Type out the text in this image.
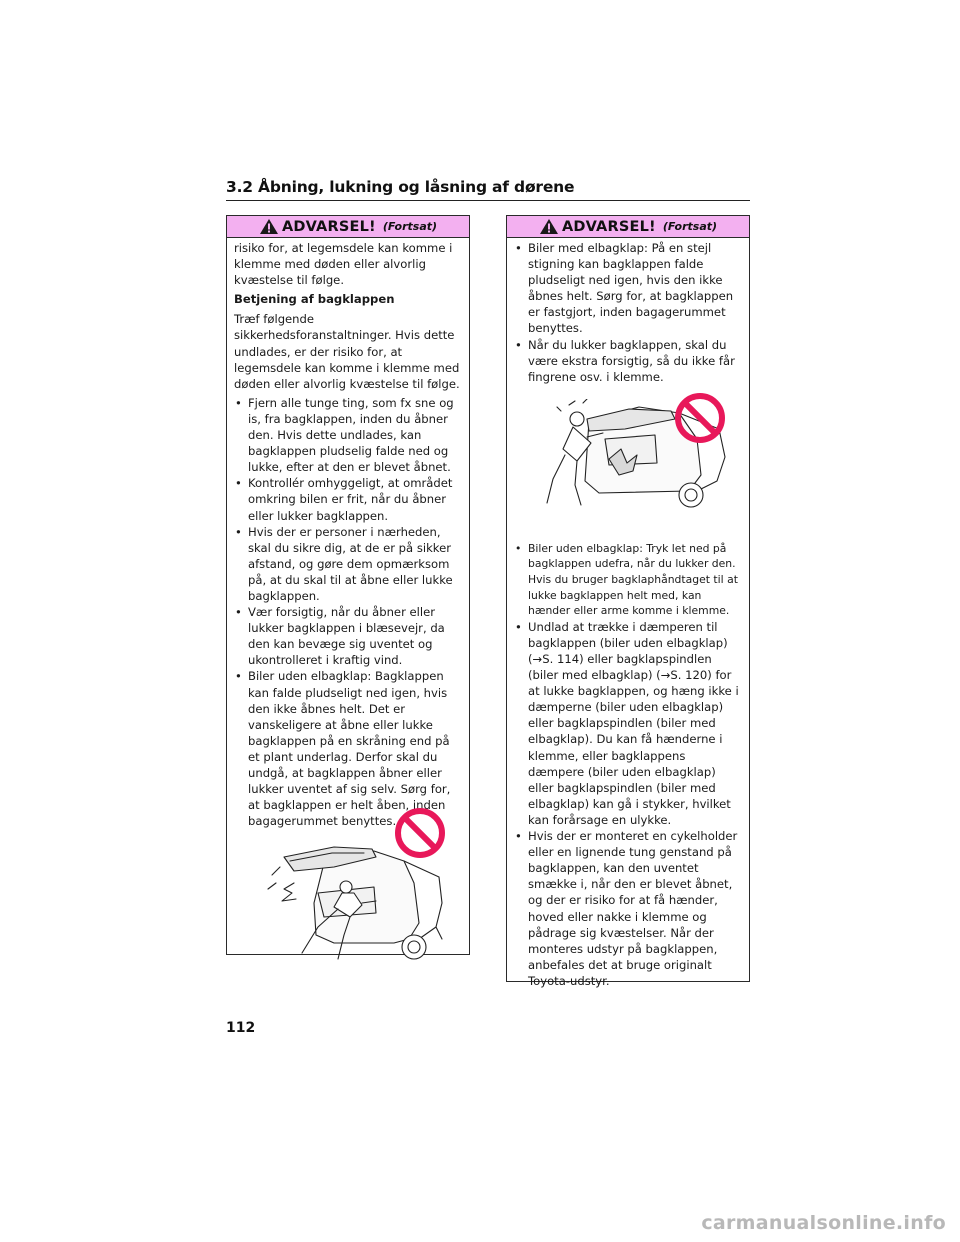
3.2 Åbning, lukning og låsning af dørene
ADVARSEL! (Fortsat)

risiko for, at legemsdele kan komme i klemme med døden eller alvorlig kvæstelse til følge.

Betjening af bagklappen

Træf følgende sikkerhedsforanstaltninger. Hvis dette undlades, er der risiko for, at legemsdele kan komme i klemme med døden eller alvorlig kvæstelse til følge.

• Fjern alle tunge ting, som fx sne og is, fra bagklappen, inden du åbner den. Hvis dette undlades, kan bagklappen pludselig falde ned og lukke, efter at den er blevet åbnet.
• Kontrollér omhyggeligt, at området omkring bilen er frit, når du åbner eller lukker bagklappen.
• Hvis der er personer i nærheden, skal du sikre dig, at de er på sikker afstand, og gøre dem opmærksom på, at du skal til at åbne eller lukke bagklappen.
• Vær forsigtig, når du åbner eller lukker bagklappen i blæsevejr, da den kan bevæge sig uventet og ukontrolleret i kraftig vind.
• Biler uden elbagklap: Bagklappen kan falde pludseligt ned igen, hvis den ikke åbnes helt. Det er vanskeligere at åbne eller lukke bagklappen på en skråning end på et plant underlag. Derfor skal du undgå, at bagklappen åbner eller lukker uventet af sig selv. Sørg for, at bagklappen er helt åben, inden bagagerummet benyttes.
ADVARSEL! (Fortsat)
• Biler med elbagklap: På en stejl stigning kan bagklappen falde pludseligt ned igen, hvis den ikke åbnes helt. Sørg for, at bagklappen er fastgjort, inden bagagerummet benyttes.
• Når du lukker bagklappen, skal du være ekstra forsigtig, så du ikke får fingrene osv. i klemme.
• Biler uden elbagklap: Tryk let ned på bagklappen udefra, når du lukker den. Hvis du bruger bagklaphåndtaget til at lukke bagklappen helt med, kan hænder eller arme komme i klemme.
• Undlad at trække i dæmperen til bagklappen (biler uden elbagklap) (→S. 114) eller bagklapspindlen (biler med elbagklap) (→S. 120) for at lukke bagklappen, og hæng ikke i dæmperne (biler uden elbagklap) eller bagklapspindlen (biler med elbagklap). Du kan få hænderne i klemme, eller bagklappens dæmpere (biler uden elbagklap) eller bagklapspindlen (biler med elbagklap) kan gå i stykker, hvilket kan forårsage en ulykke.
• Hvis der er monteret en cykelholder eller en lignende tung genstand på bagklappen, kan den uventet smække i, når den er blevet åbnet, og der er risiko for at få hænder, hoved eller nakke i klemme og pådrage sig kvæstelser. Når der monteres udstyr på bagklappen, anbefales det at bruge originalt Toyota-udstyr.

112

carmanualsonline.info
